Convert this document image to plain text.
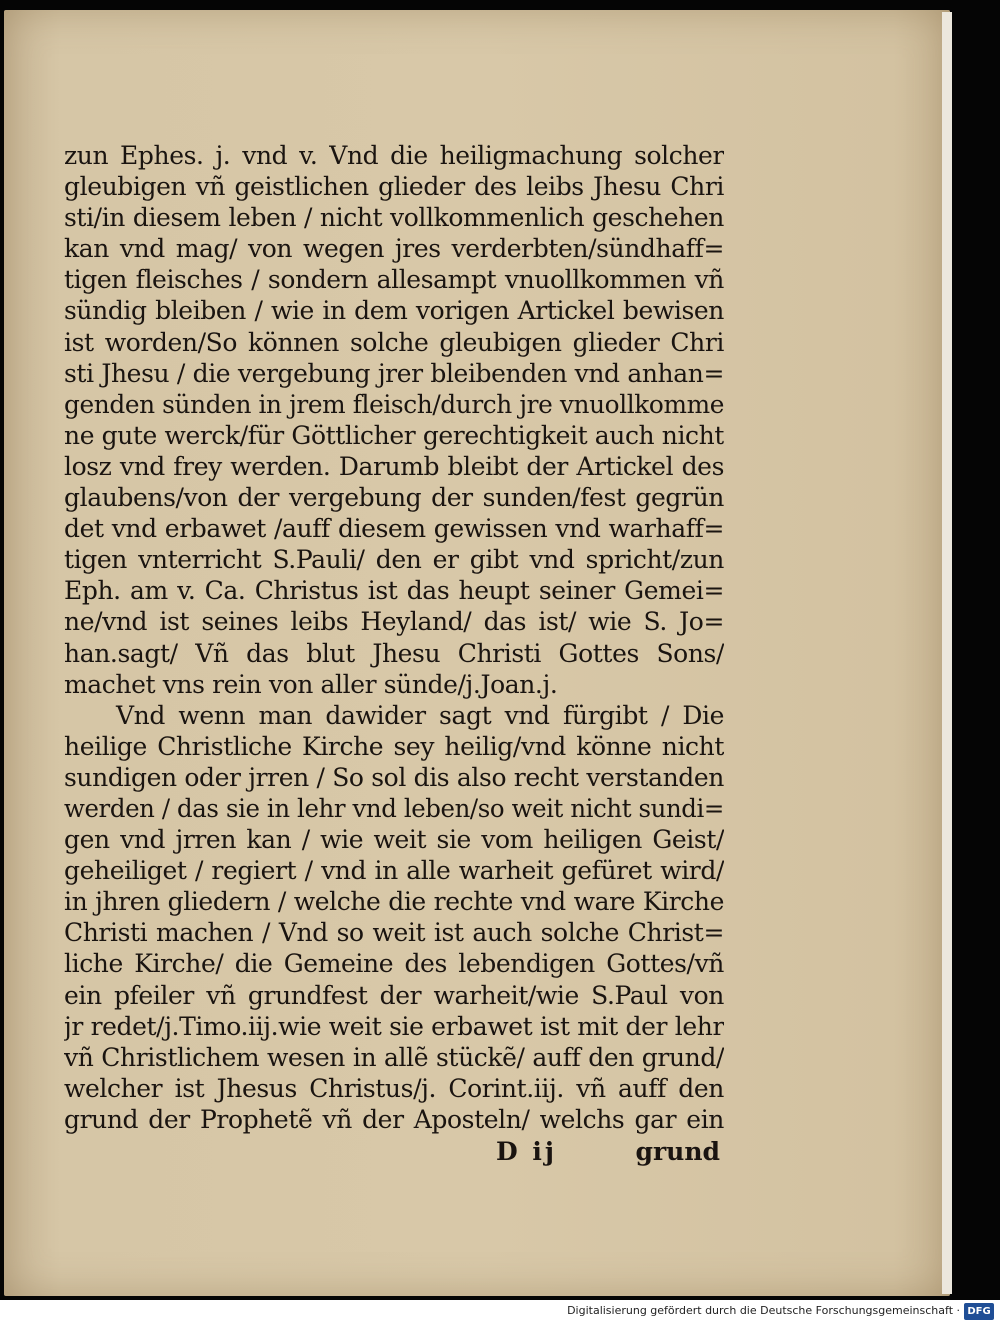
zun Ephes. j. vnd v. Vnd die heiligmachung solcher
gleubigen vñ geistlichen glieder des leibs Jhesu Chri
sti/in diesem leben / nicht vollkommenlich geschehen
kan vnd mag/ von wegen jres verderbten/sündhaff=
tigen fleisches / sondern allesampt vnuollkommen vñ
sündig bleiben / wie in dem vorigen Artickel bewisen
ist worden/So können solche gleubigen glieder Chri
sti Jhesu / die vergebung jrer bleibenden vnd anhan=
genden sünden in jrem fleisch/durch jre vnuollkomme
ne gute werck/für Göttlicher gerechtigkeit auch nicht
losz vnd frey werden. Darumb bleibt der Artickel des
glaubens/von der vergebung der sunden/fest gegrün
det vnd erbawet /auff diesem gewissen vnd warhaff=
tigen vnterricht S.Pauli/ den er gibt vnd spricht/zun
Eph. am v. Ca. Christus ist das heupt seiner Gemei=
ne/vnd ist seines leibs Heyland/ das ist/ wie S. Jo=
han.sagt/ Vñ das blut Jhesu Christi Gottes Sons/
machet vns rein von aller sünde/j.Joan.j.
Vnd wenn man dawider sagt vnd fürgibt / Die
heilige Christliche Kirche sey heilig/vnd könne nicht
sundigen oder jrren / So sol dis also recht verstanden
werden / das sie in lehr vnd leben/so weit nicht sundi=
gen vnd jrren kan / wie weit sie vom heiligen Geist/
geheiliget / regiert / vnd in alle warheit gefüret wird/
in jhren gliedern / welche die rechte vnd ware Kirche
Christi machen / Vnd so weit ist auch solche Christ=
liche Kirche/ die Gemeine des lebendigen Gottes/vñ
ein pfeiler vñ grundfest der warheit/wie S.Paul von
jr redet/j.Timo.iij.wie weit sie erbawet ist mit der lehr
vñ Christlichem wesen in allẽ stückẽ/ auff den grund/
welcher ist Jhesus Christus/j. Corint.iij. vñ auff den
grund der Prophetẽ vñ der Aposteln/ welchs gar ein
D ij	grund
Digitalisierung gefördert durch die Deutsche Forschungsgemeinschaft · DFG
